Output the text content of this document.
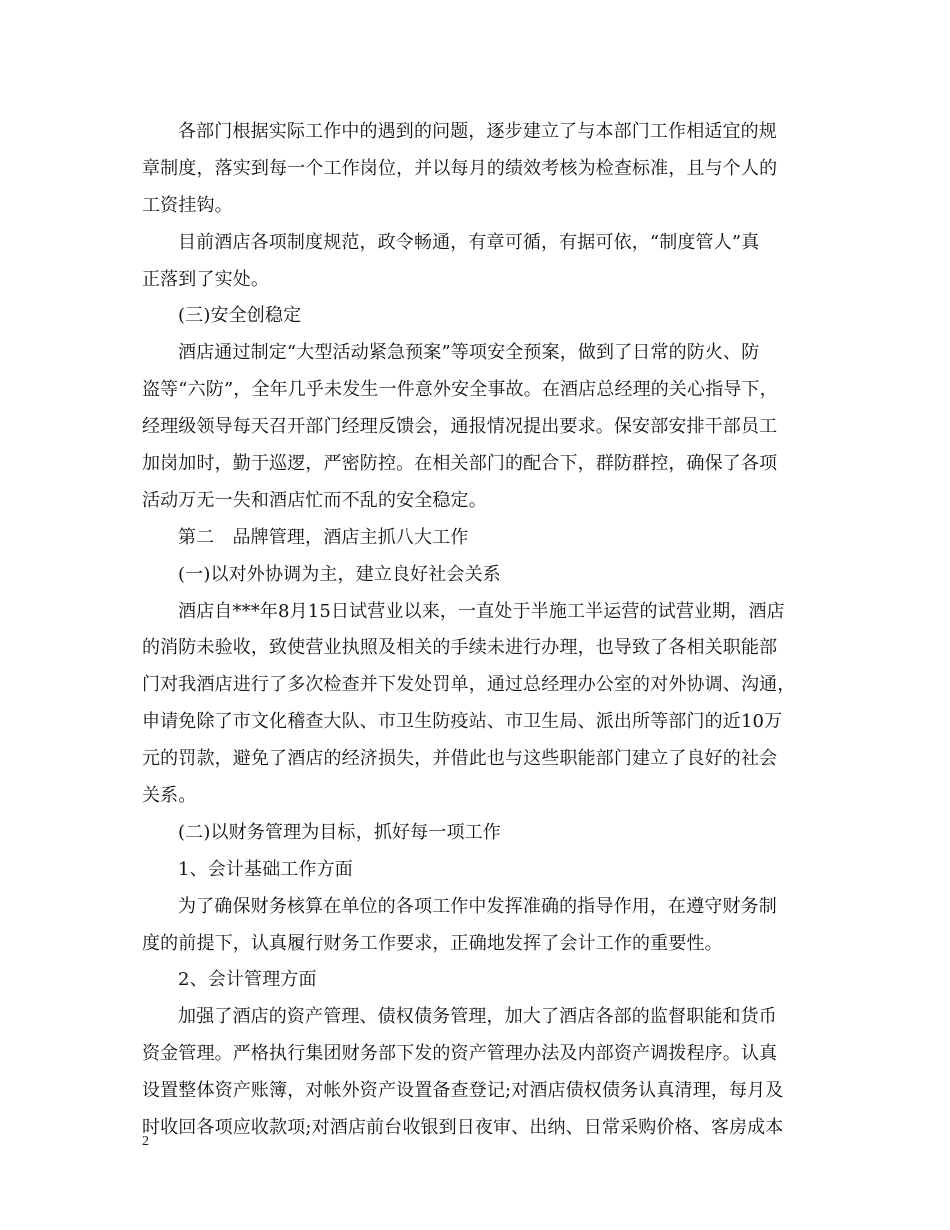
各部门根据实际工作中的遇到的问题，逐步建立了与本部门工作相适宜的规
章制度，落实到每一个工作岗位，并以每月的绩效考核为检查标准，且与个人的
工资挂钩。
目前酒店各项制度规范，政令畅通，有章可循，有据可依，“制度管人”真
正落到了实处。
(三)安全创稳定
酒店通过制定“大型活动紧急预案”等项安全预案，做到了日常的防火、防
盗等“六防”，全年几乎未发生一件意外安全事故。在酒店总经理的关心指导下，
经理级领导每天召开部门经理反馈会，通报情况提出要求。保安部安排干部员工
加岗加时，勤于巡逻，严密防控。在相关部门的配合下，群防群控，确保了各项
活动万无一失和酒店忙而不乱的安全稳定。
第二　品牌管理，酒店主抓八大工作
(一)以对外协调为主，建立良好社会关系
酒店自***年8月15日试营业以来，一直处于半施工半运营的试营业期，酒店
的消防未验收，致使营业执照及相关的手续未进行办理，也导致了各相关职能部
门对我酒店进行了多次检查并下发处罚单，通过总经理办公室的对外协调、沟通，
申请免除了市文化稽查大队、市卫生防疫站、市卫生局、派出所等部门的近10万
元的罚款，避免了酒店的经济损失，并借此也与这些职能部门建立了良好的社会
关系。
(二)以财务管理为目标，抓好每一项工作
1、会计基础工作方面
为了确保财务核算在单位的各项工作中发挥准确的指导作用，在遵守财务制
度的前提下，认真履行财务工作要求，正确地发挥了会计工作的重要性。
2、会计管理方面
加强了酒店的资产管理、债权债务管理，加大了酒店各部的监督职能和货币
资金管理。严格执行集团财务部下发的资产管理办法及内部资产调拨程序。认真
设置整体资产账簿，对帐外资产设置备查登记;对酒店债权债务认真清理，每月及
时收回各项应收款项;对酒店前台收银到日夜审、出纳、日常采购价格、客房成本
2
